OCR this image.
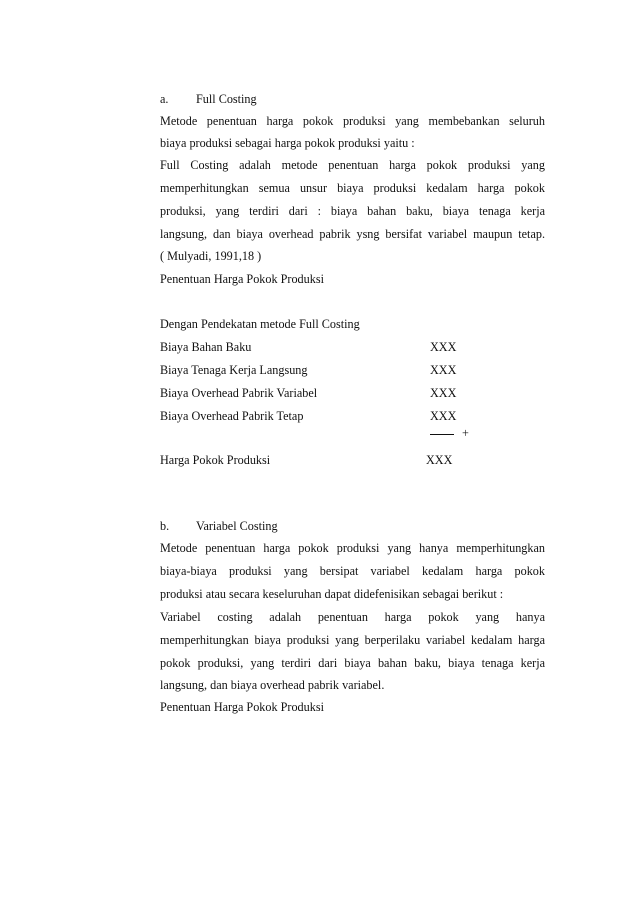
a. Full Costing
Metode penentuan harga pokok produksi yang membebankan seluruh
biaya produksi sebagai harga pokok produksi yaitu :
Full Costing adalah metode penentuan harga pokok produksi yang
memperhitungkan semua unsur biaya produksi kedalam harga pokok
produksi, yang terdiri dari : biaya bahan baku, biaya tenaga kerja
langsung, dan biaya overhead pabrik ysng bersifat variabel maupun tetap.
( Mulyadi, 1991,18 )
Penentuan Harga Pokok Produksi
Dengan Pendekatan metode Full Costing
Biaya Bahan Baku	XXX
Biaya Tenaga Kerja Langsung	XXX
Biaya Overhead Pabrik Variabel	XXX
Biaya Overhead Pabrik Tetap	XXX
+
Harga Pokok Produksi	XXX
b. Variabel Costing
Metode penentuan harga pokok produksi yang hanya memperhitungkan
biaya-biaya produksi yang bersipat variabel kedalam harga pokok
produksi atau secara keseluruhan dapat didefenisikan sebagai berikut :
Variabel costing adalah penentuan harga pokok yang hanya
memperhitungkan biaya produksi yang berperilaku variabel kedalam harga
pokok produksi, yang terdiri dari biaya bahan baku, biaya tenaga kerja
langsung, dan biaya overhead pabrik variabel.
Penentuan Harga Pokok Produksi
